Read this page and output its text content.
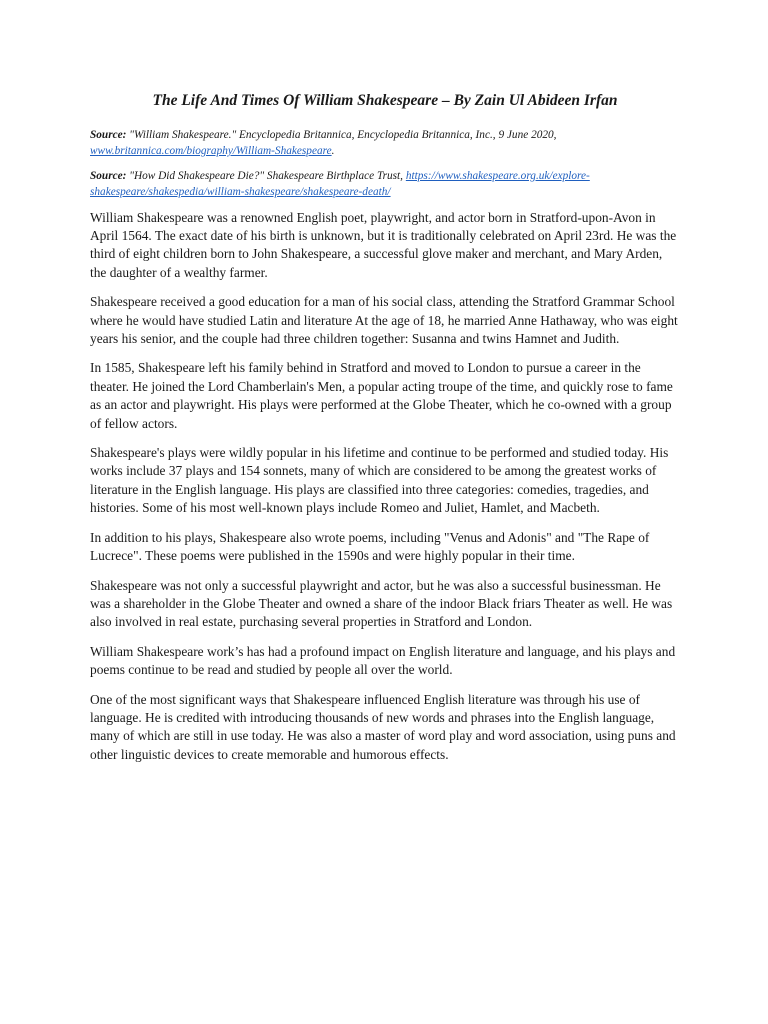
The Life And Times Of William Shakespeare – By Zain Ul Abideen Irfan

Source: "William Shakespeare." Encyclopedia Britannica, Encyclopedia Britannica, Inc., 9 June 2020, www.britannica.com/biography/William-Shakespeare.

Source: "How Did Shakespeare Die?" Shakespeare Birthplace Trust, https://www.shakespeare.org.uk/explore-shakespeare/shakespedia/william-shakespeare/shakespeare-death/

William Shakespeare was a renowned English poet, playwright, and actor born in Stratford-upon-Avon in April 1564. The exact date of his birth is unknown, but it is traditionally celebrated on April 23rd. He was the third of eight children born to John Shakespeare, a successful glove maker and merchant, and Mary Arden, the daughter of a wealthy farmer.

Shakespeare received a good education for a man of his social class, attending the Stratford Grammar School where he would have studied Latin and literature At the age of 18, he married Anne Hathaway, who was eight years his senior, and the couple had three children together: Susanna and twins Hamnet and Judith.

In 1585, Shakespeare left his family behind in Stratford and moved to London to pursue a career in the theater. He joined the Lord Chamberlain's Men, a popular acting troupe of the time, and quickly rose to fame as an actor and playwright. His plays were performed at the Globe Theater, which he co-owned with a group of fellow actors.

Shakespeare's plays were wildly popular in his lifetime and continue to be performed and studied today. His works include 37 plays and 154 sonnets, many of which are considered to be among the greatest works of literature in the English language. His plays are classified into three categories: comedies, tragedies, and histories. Some of his most well-known plays include Romeo and Juliet, Hamlet, and Macbeth.

In addition to his plays, Shakespeare also wrote poems, including "Venus and Adonis" and "The Rape of Lucrece". These poems were published in the 1590s and were highly popular in their time.

Shakespeare was not only a successful playwright and actor, but he was also a successful businessman. He was a shareholder in the Globe Theater and owned a share of the indoor Black friars Theater as well. He was also involved in real estate, purchasing several properties in Stratford and London.

William Shakespeare work’s has had a profound impact on English literature and language, and his plays and poems continue to be read and studied by people all over the world.

One of the most significant ways that Shakespeare influenced English literature was through his use of language. He is credited with introducing thousands of new words and phrases into the English language, many of which are still in use today. He was also a master of word play and word association, using puns and other linguistic devices to create memorable and humorous effects.
